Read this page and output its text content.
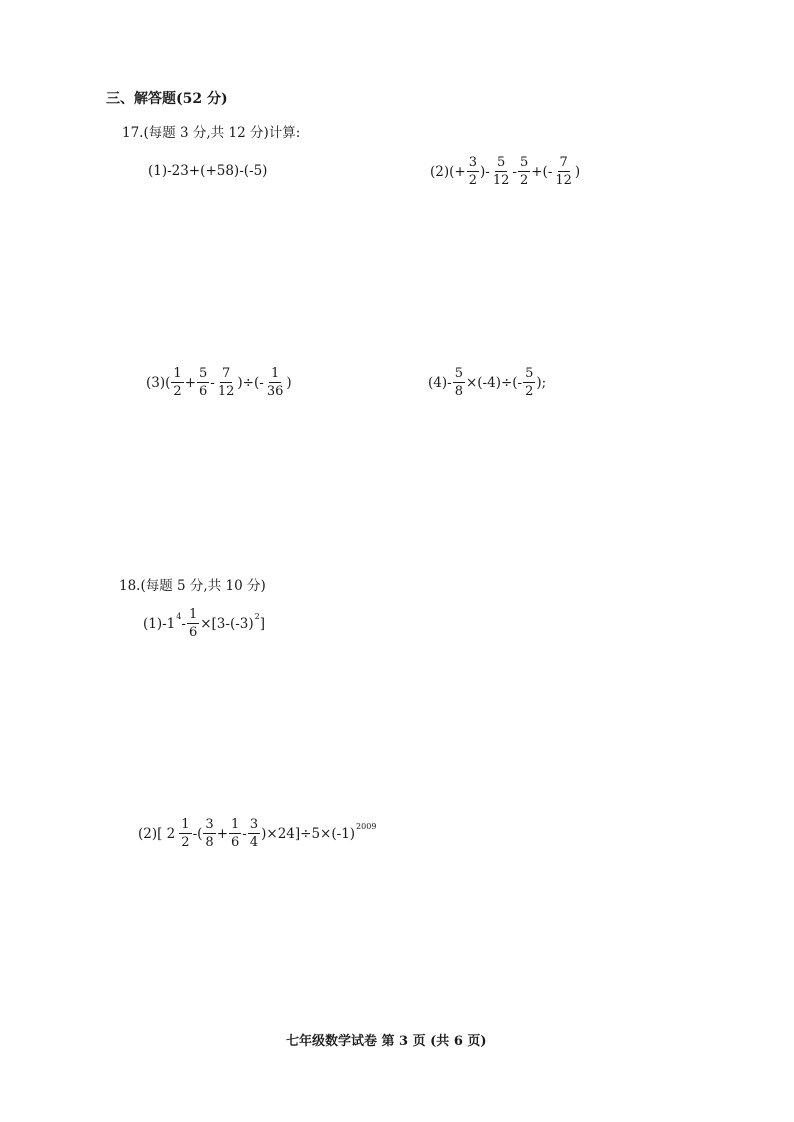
三、解答题(52 分)
17.(每题 3 分,共 12 分)计算:
(1) -23+(+58)-(-5)	(2) (+ $\frac{3}{2}$ ) - $\frac{5}{12} - \frac{5}{2}$ +(- $\frac{7}{12}$ )
(3) ( $\frac{1}{2} + \frac{5}{6} - \frac{7}{12}$ )÷(- $\frac{1}{36}$ )	$(4) - \frac{5}{8} \times(-4)\div(- \frac{5}{2}$ );
18.(每题 5 分,共 10 分)
(1) -1 $4 - \frac{1}{6} \times[3-(-3)$ 2 ]
(2) [ $2 \frac{1}{2}$ -( $\frac{3}{8} + \frac{1}{6} - \frac{3}{4} )\times 24]\div 5\times(-1)$ 2009
七年级数学试卷 第 3 页 (共 6 页)
